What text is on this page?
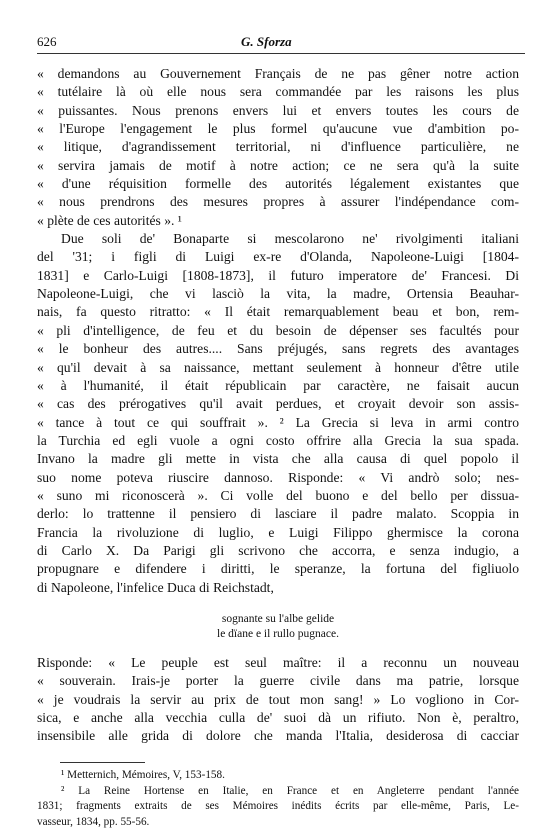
626	G. Sforza
« demandons au Gouvernement Français de ne pas gêner notre action
« tutélaire là où elle nous sera commandée par les raisons les plus
« puissantes. Nous prenons envers lui et envers toutes les cours de
« l'Europe l'engagement le plus formel qu'aucune vue d'ambition po-
« litique, d'agrandissement territorial, ni d'influence particulière, ne
« servira jamais de motif à notre action; ce ne sera qu'à la suite
« d'une réquisition formelle des autorités légalement existantes que
« nous prendrons des mesures propres à assurer l'indépendance com-
« plète de ces autorités ». ¹
Due soli de' Bonaparte si mescolarono ne' rivolgimenti italiani
del '31; i figli di Luigi ex-re d'Olanda, Napoleone-Luigi [1804-
1831] e Carlo-Luigi [1808-1873], il futuro imperatore de' Francesi. Di
Napoleone-Luigi, che vi lasciò la vita, la madre, Ortensia Beauhar-
nais, fa questo ritratto: « Il était remarquablement beau et bon, rem-
« pli d'intelligence, de feu et du besoin de dépenser ses facultés pour
« le bonheur des autres.... Sans préjugés, sans regrets des avantages
« qu'il devait à sa naissance, mettant seulement à honneur d'être utile
« à l'humanité, il était républicain par caractère, ne faisait aucun
« cas des prérogatives qu'il avait perdues, et croyait devoir son assis-
« tance à tout ce qui souffrait ». ² La Grecia si leva in armi contro
la Turchia ed egli vuole a ogni costo offrire alla Grecia la sua spada.
Invano la madre gli mette in vista che alla causa di quel popolo il
suo nome poteva riuscire dannoso. Risponde: « Vi andrò solo; nes-
« suno mi riconoscerà ». Ci volle del buono e del bello per dissua-
derlo: lo trattenne il pensiero di lasciare il padre malato. Scoppia in
Francia la rivoluzione di luglio, e Luigi Filippo ghermisce la corona
di Carlo X. Da Parigi gli scrivono che accorra, e senza indugio, a
propugnare e difendere i diritti, le speranze, la fortuna del figliuolo
di Napoleone, l'infelice Duca di Reichstadt,
sognante su l'albe gelide
le dïane e il rullo pugnace.
Risponde: « Le peuple est seul maître: il a reconnu un nouveau
« souverain. Irais-je porter la guerre civile dans ma patrie, lorsque
« je voudrais la servir au prix de tout mon sang! » Lo vogliono in Cor-
sica, e anche alla vecchia culla de' suoi dà un rifiuto. Non è, peraltro,
insensibile alle grida di dolore che manda l'Italia, desiderosa di cacciar
¹ Metternich, Mémoires, V, 153-158.
² La Reine Hortense en Italie, en France et en Angleterre pendant l'année
1831; fragments extraits de ses Mémoires inédits écrits par elle-même, Paris, Le-
vasseur, 1834, pp. 55-56.
